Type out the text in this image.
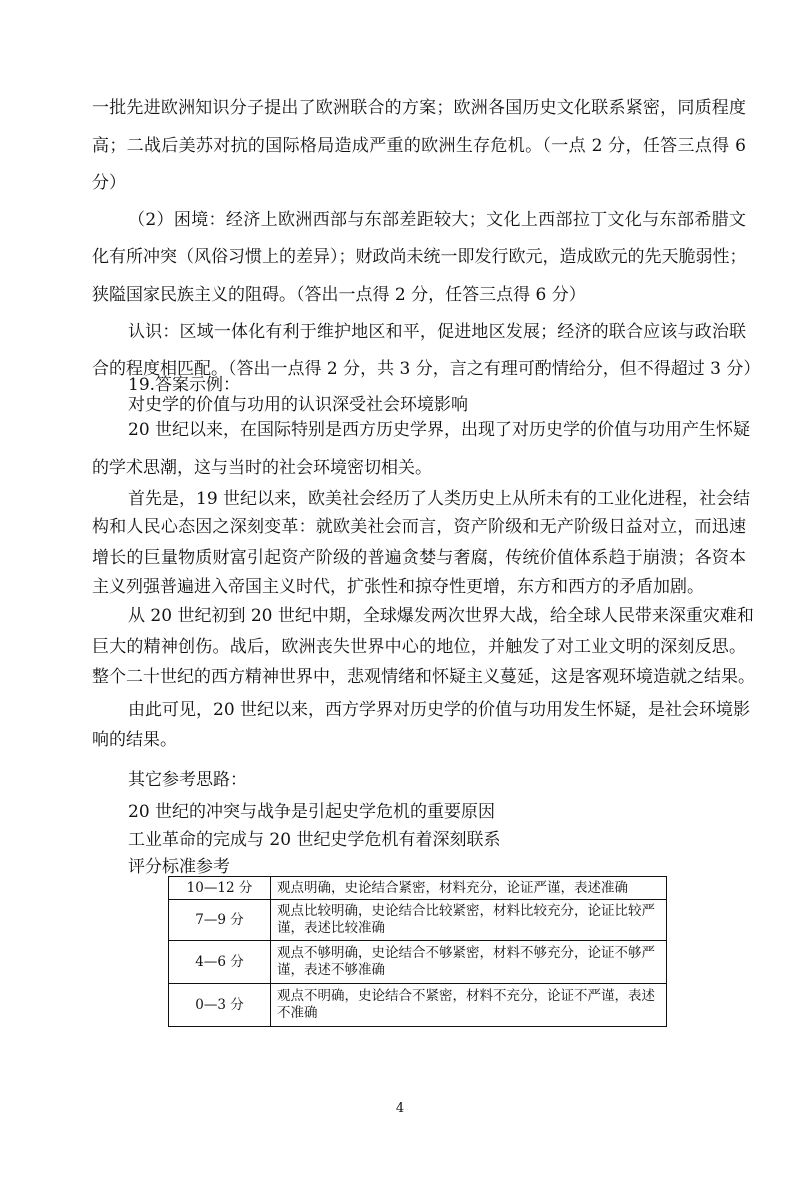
一批先进欧洲知识分子提出了欧洲联合的方案；欧洲各国历史文化联系紧密，同质程度
高；二战后美苏对抗的国际格局造成严重的欧洲生存危机。（一点 2 分，任答三点得 6
分）
（2）困境：经济上欧洲西部与东部差距较大；文化上西部拉丁文化与东部希腊文
化有所冲突（风俗习惯上的差异）；财政尚未统一即发行欧元，造成欧元的先天脆弱性；
狭隘国家民族主义的阻碍。（答出一点得 2 分，任答三点得 6 分）
认识：区域一体化有利于维护地区和平，促进地区发展；经济的联合应该与政治联
合的程度相匹配。（答出一点得 2 分，共 3 分，言之有理可酌情给分，但不得超过 3 分）
19.答案示例：
对史学的价值与功用的认识深受社会环境影响
20 世纪以来，在国际特别是西方历史学界，出现了对历史学的价值与功用产生怀疑
的学术思潮，这与当时的社会环境密切相关。
首先是，19 世纪以来，欧美社会经历了人类历史上从所未有的工业化进程，社会结
构和人民心态因之深刻变革：就欧美社会而言，资产阶级和无产阶级日益对立，而迅速
增长的巨量物质财富引起资产阶级的普遍贪婪与奢腐，传统价值体系趋于崩溃；各资本
主义列强普遍进入帝国主义时代，扩张性和掠夺性更增，东方和西方的矛盾加剧。
从 20 世纪初到 20 世纪中期，全球爆发两次世界大战，给全球人民带来深重灾难和
巨大的精神创伤。战后，欧洲丧失世界中心的地位，并触发了对工业文明的深刻反思。
整个二十世纪的西方精神世界中，悲观情绪和怀疑主义蔓延，这是客观环境造就之结果。
由此可见，20 世纪以来，西方学界对历史学的价值与功用发生怀疑，是社会环境影
响的结果。
其它参考思路：
20 世纪的冲突与战争是引起史学危机的重要原因
工业革命的完成与 20 世纪史学危机有着深刻联系
评分标准参考
10—12 分	观点明确，史论结合紧密，材料充分，论证严谨，表述准确
7—9 分	观点比较明确，史论结合比较紧密，材料比较充分，论证比较严谨，表述比较准确
4—6 分	观点不够明确，史论结合不够紧密，材料不够充分，论证不够严谨，表述不够准确
0—3 分	观点不明确，史论结合不紧密，材料不充分，论证不严谨，表述不准确
4
